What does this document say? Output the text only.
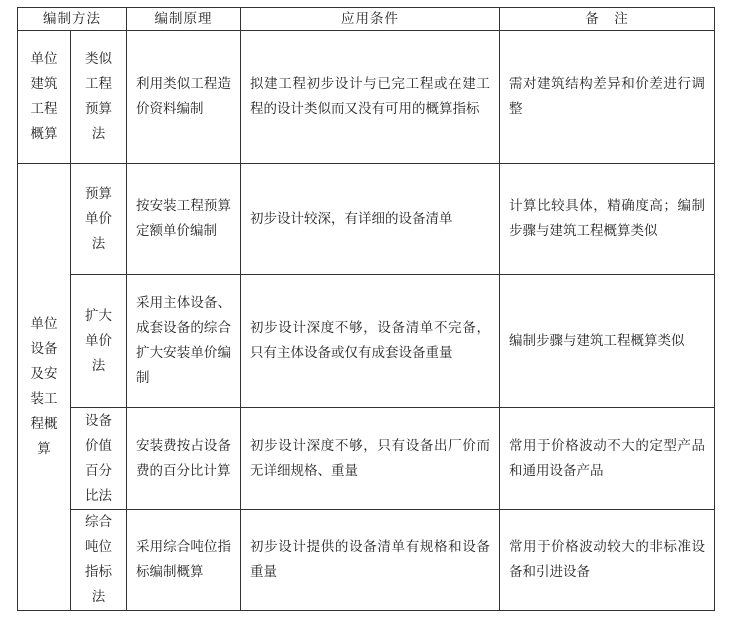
编制方法		编制原理	应用条件	备　注
单位建筑工程概算	类似工程预算法	利用类似工程造价资料编制	拟建工程初步设计与已完工程或在建工程的设计类似而又没有可用的概算指标	需对建筑结构差异和价差进行调整
单位设备及安装工程概算	预算单价法	按安装工程预算定额单价编制	初步设计较深，有详细的设备清单	计算比较具体，精确度高；编制步骤与建筑工程概算类似
	扩大单价法	采用主体设备、成套设备的综合扩大安装单价编制	初步设计深度不够，设备清单不完备，只有主体设备或仅有成套设备重量	编制步骤与建筑工程概算类似
	设备价值百分比法	安装费按占设备费的百分比计算	初步设计深度不够，只有设备出厂价而无详细规格、重量	常用于价格波动不大的定型产品和通用设备产品
	综合吨位指标法	采用综合吨位指标编制概算	初步设计提供的设备清单有规格和设备重量	常用于价格波动较大的非标准设备和引进设备
